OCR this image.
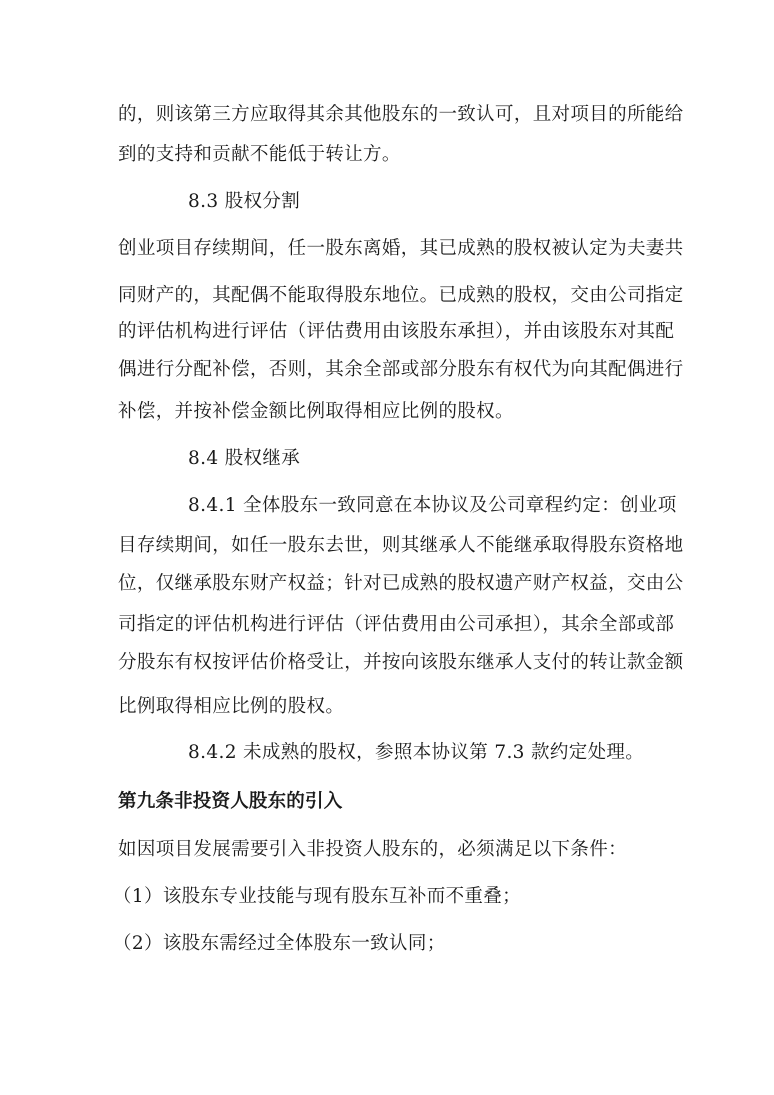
的，则该第三方应取得其余其他股东的一致认可，且对项目的所能给
到的支持和贡献不能低于转让方。
8.3 股权分割
创业项目存续期间，任一股东离婚，其已成熟的股权被认定为夫妻共
同财产的，其配偶不能取得股东地位。已成熟的股权，交由公司指定
的评估机构进行评估（评估费用由该股东承担），并由该股东对其配
偶进行分配补偿，否则，其余全部或部分股东有权代为向其配偶进行
补偿，并按补偿金额比例取得相应比例的股权。
8.4 股权继承
8.4.1 全体股东一致同意在本协议及公司章程约定：创业项
目存续期间，如任一股东去世，则其继承人不能继承取得股东资格地
位，仅继承股东财产权益；针对已成熟的股权遗产财产权益，交由公
司指定的评估机构进行评估（评估费用由公司承担），其余全部或部
分股东有权按评估价格受让，并按向该股东继承人支付的转让款金额
比例取得相应比例的股权。
8.4.2 未成熟的股权，参照本协议第 7.3 款约定处理。
第九条非投资人股东的引入
如因项目发展需要引入非投资人股东的，必须满足以下条件：
（1）该股东专业技能与现有股东互补而不重叠；
（2）该股东需经过全体股东一致认同；
